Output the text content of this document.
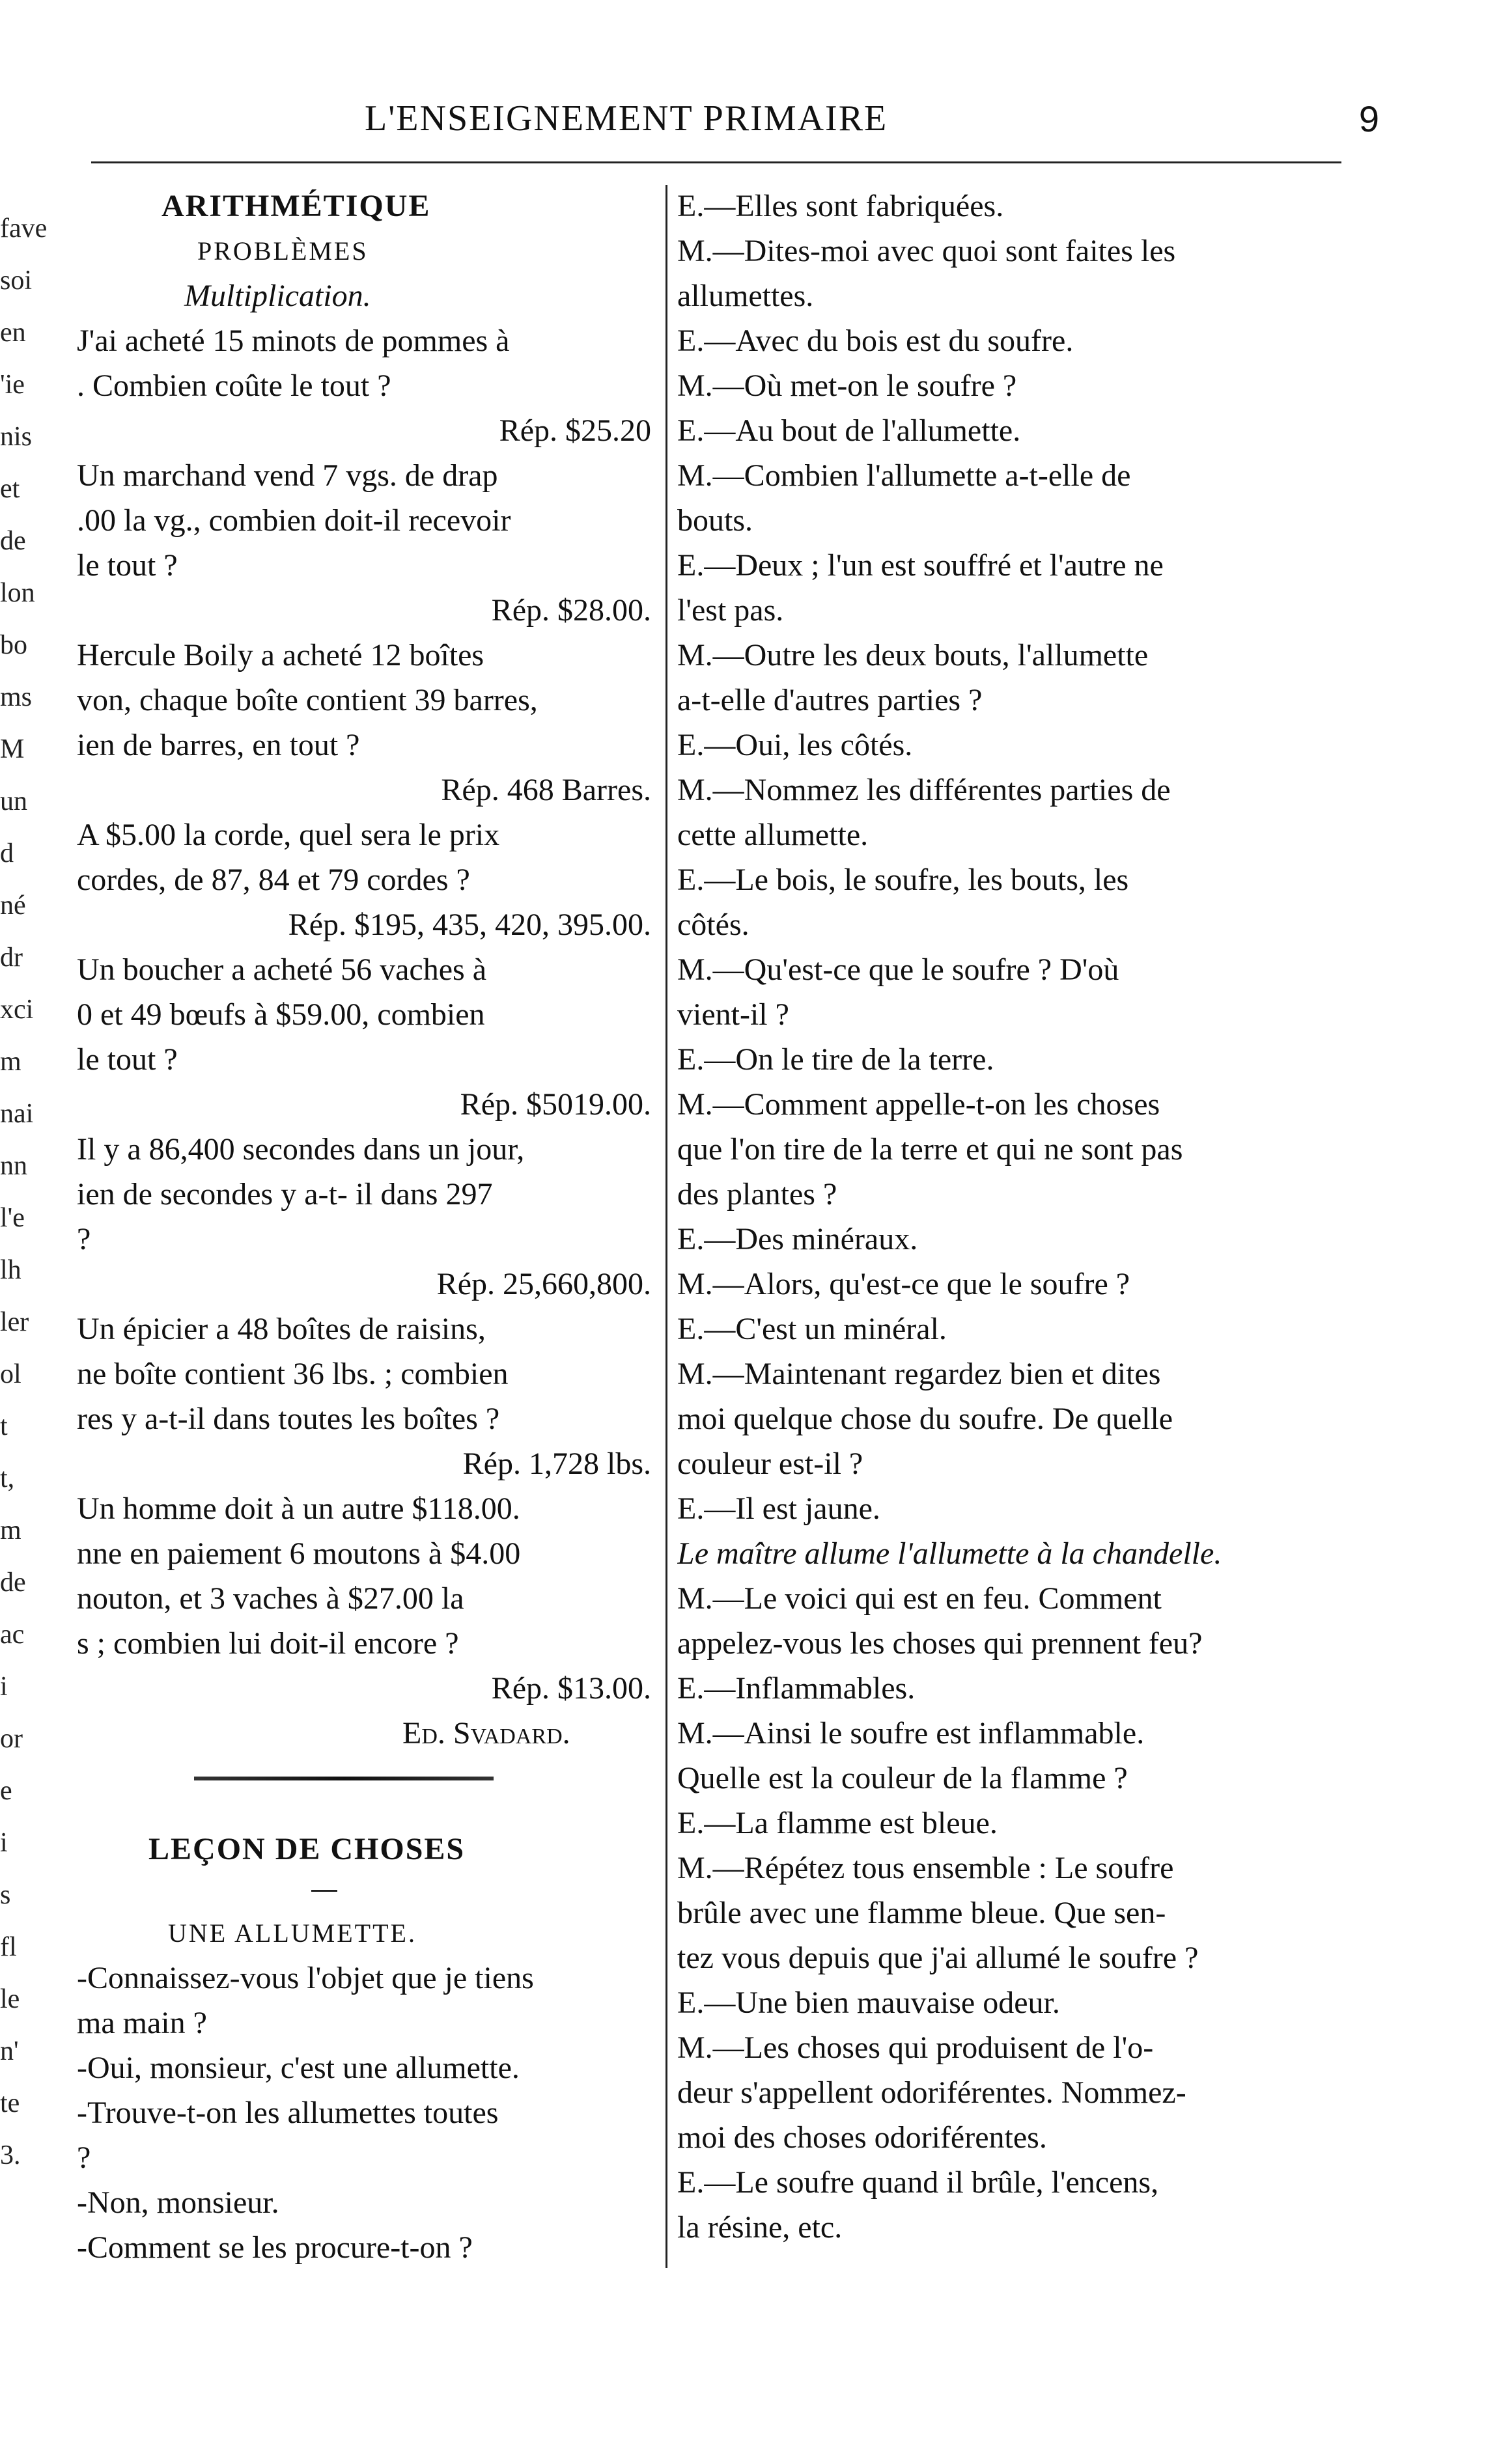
fave
soi
en
'ie
nis
et
de
lon
bo
ms
M
un
d
né
dr
xci
m
nai
nn
l'e
lh
ler
ol
t
t,
m
de
ac
i
or
e
i
s
fl
le
n'
te
3.
L'ENSEIGNEMENT PRIMAIRE	9
ARITHMÉTIQUE
PROBLÈMES
Multiplication.
J'ai acheté 15 minots de pommes à
. Combien coûte le tout ?
Rép. $25.20
Un marchand vend 7 vgs. de drap
.00 la vg., combien doit-il recevoir
le tout ?
Rép. $28.00.
Hercule Boily a acheté 12 boîtes
von, chaque boîte contient 39 barres,
ien de barres, en tout ?
Rép. 468 Barres.
A $5.00 la corde, quel sera le prix
cordes, de 87, 84 et 79 cordes ?
Rép. $195, 435, 420, 395.00.
Un boucher a acheté 56 vaches à
0 et 49 bœufs à $59.00, combien
le tout ?
Rép. $5019.00.
Il y a 86,400 secondes dans un jour,
ien de secondes y a-t- il dans 297
?
Rép. 25,660,800.
Un épicier a 48 boîtes de raisins,
ne boîte contient 36 lbs. ; combien
res y a-t-il dans toutes les boîtes ?
Rép. 1,728 lbs.
Un homme doit à un autre $118.00.
nne en paiement 6 moutons à $4.00
nouton, et 3 vaches à $27.00 la
s ; combien lui doit-il encore ?
Rép. $13.00.
Ed. Svadard.
LEÇON DE CHOSES
UNE ALLUMETTE.
-Connaissez-vous l'objet que je tiens
ma main ?
-Oui, monsieur, c'est une allumette.
-Trouve-t-on les allumettes toutes
?
-Non, monsieur.
-Comment se les procure-t-on ?
E.—Elles sont fabriquées.
M.—Dites-moi avec quoi sont faites les
allumettes.
E.—Avec du bois est du soufre.
M.—Où met-on le soufre ?
E.—Au bout de l'allumette.
M.—Combien l'allumette a-t-elle de
bouts.
E.—Deux ; l'un est souffré et l'autre ne
l'est pas.
M.—Outre les deux bouts, l'allumette
a-t-elle d'autres parties ?
E.—Oui, les côtés.
M.—Nommez les différentes parties de
cette allumette.
E.—Le bois, le soufre, les bouts, les
côtés.
M.—Qu'est-ce que le soufre ? D'où
vient-il ?
E.—On le tire de la terre.
M.—Comment appelle-t-on les choses
que l'on tire de la terre et qui ne sont pas
des plantes ?
E.—Des minéraux.
M.—Alors, qu'est-ce que le soufre ?
E.—C'est un minéral.
M.—Maintenant regardez bien et dites
moi quelque chose du soufre. De quelle
couleur est-il ?
E.—Il est jaune.
Le maître allume l'allumette à la chandelle.
M.—Le voici qui est en feu. Comment
appelez-vous les choses qui prennent feu?
E.—Inflammables.
M.—Ainsi le soufre est inflammable.
Quelle est la couleur de la flamme ?
E.—La flamme est bleue.
M.—Répétez tous ensemble : Le soufre
brûle avec une flamme bleue. Que sen-
tez vous depuis que j'ai allumé le soufre ?
E.—Une bien mauvaise odeur.
M.—Les choses qui produisent de l'o-
deur s'appellent odoriférentes. Nommez-
moi des choses odoriférentes.
E.—Le soufre quand il brûle, l'encens,
la résine, etc.
